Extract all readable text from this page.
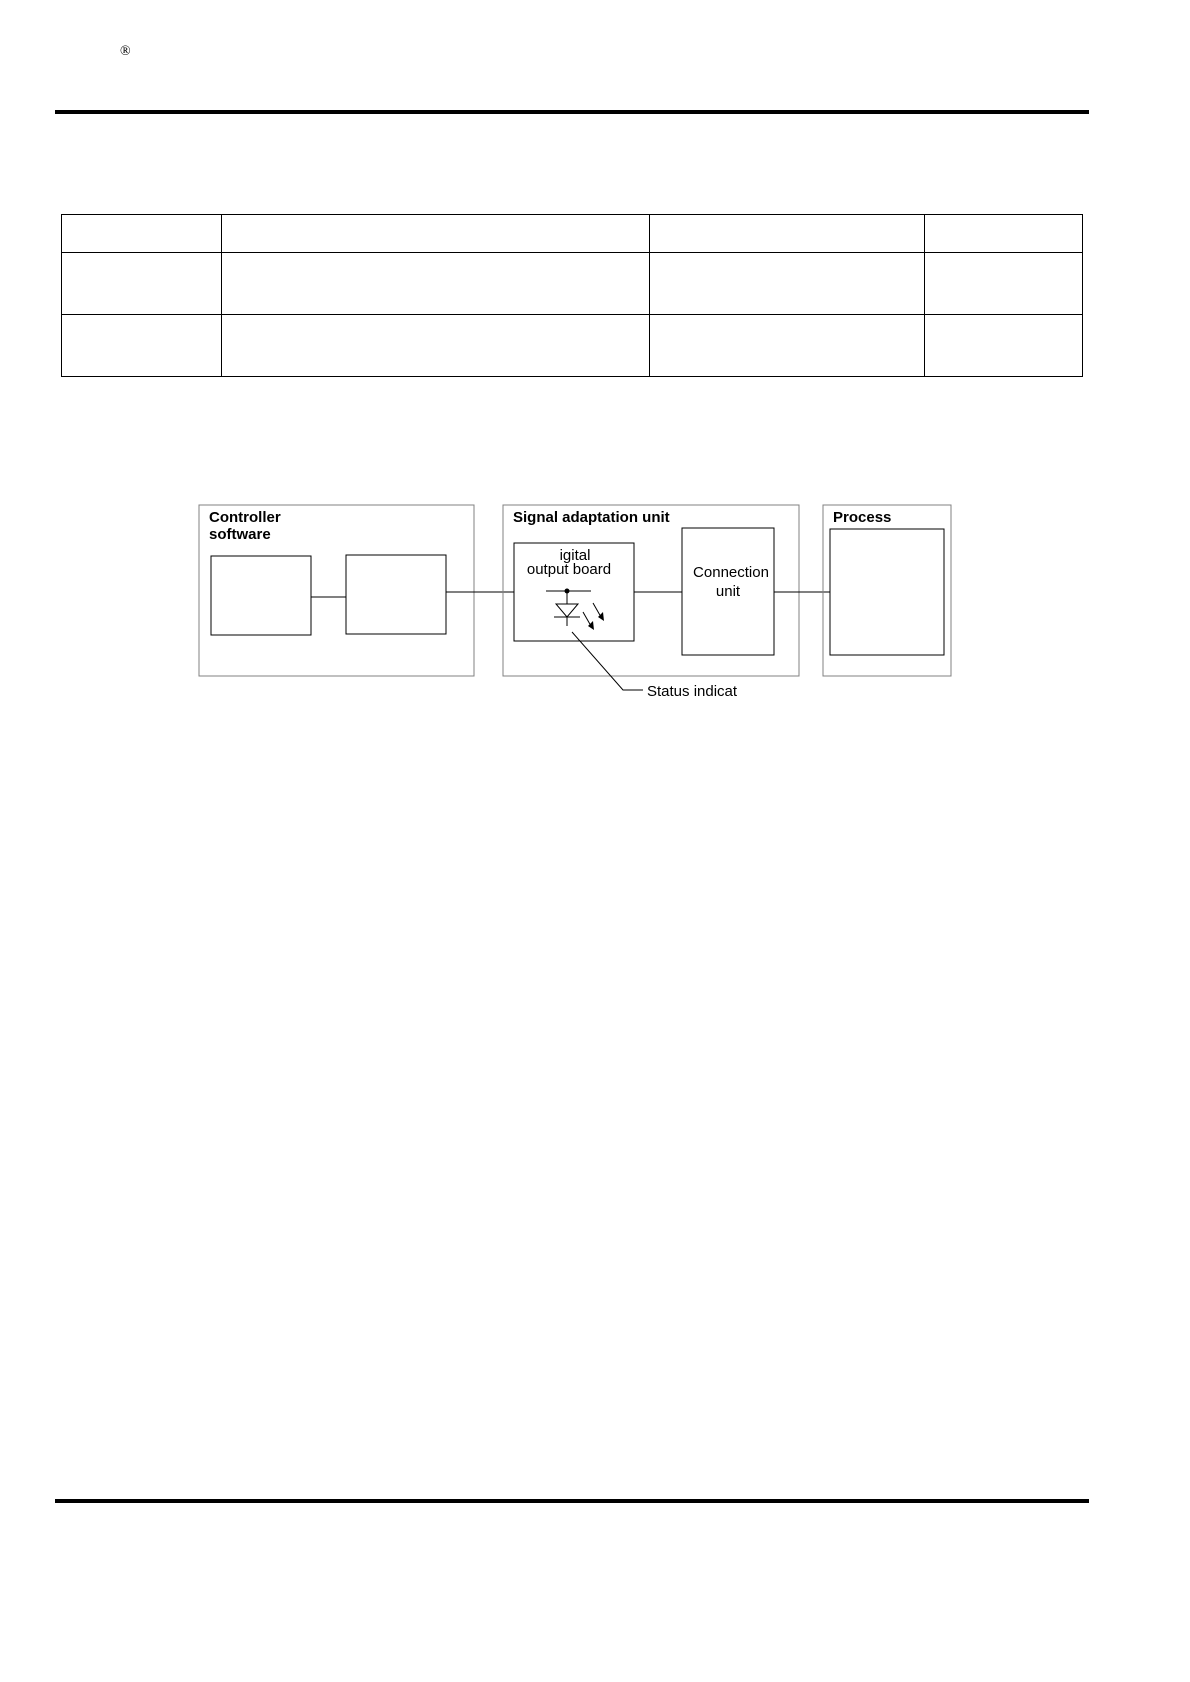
®

Controller
software
Signal adaptation unit
igital
output board	Connection
unit
Process
Status indicat
